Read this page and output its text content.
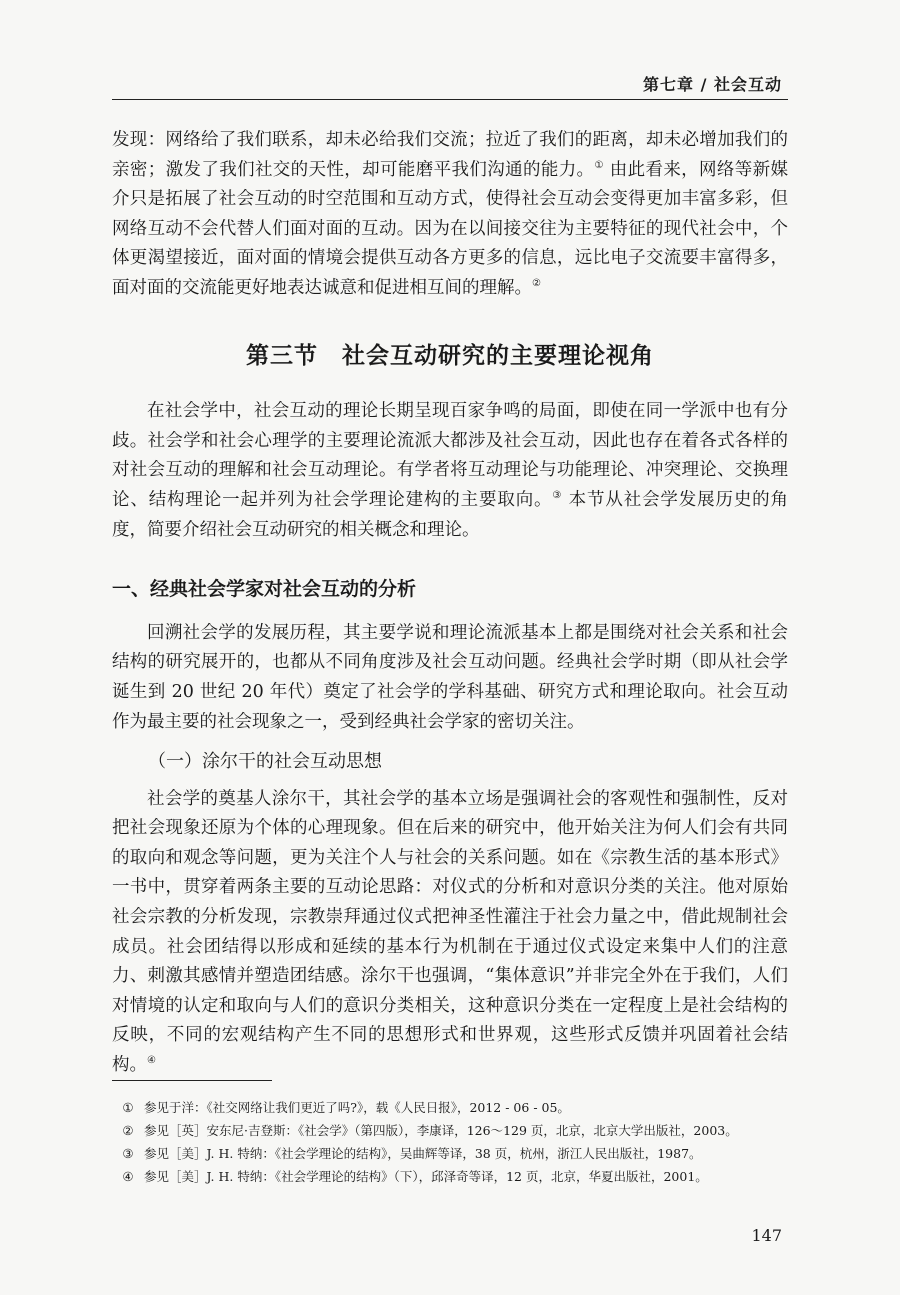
第七章 / 社会互动

发现：网络给了我们联系，却未必给我们交流；拉近了我们的距离，却未必增加我们的亲密；激发了我们社交的天性，却可能磨平我们沟通的能力。① 由此看来，网络等新媒介只是拓展了社会互动的时空范围和互动方式，使得社会互动会变得更加丰富多彩，但网络互动不会代替人们面对面的互动。因为在以间接交往为主要特征的现代社会中，个体更渴望接近，面对面的情境会提供互动各方更多的信息，远比电子交流要丰富得多，面对面的交流能更好地表达诚意和促进相互间的理解。②

第三节　社会互动研究的主要理论视角

在社会学中，社会互动的理论长期呈现百家争鸣的局面，即使在同一学派中也有分歧。社会学和社会心理学的主要理论流派大都涉及社会互动，因此也存在着各式各样的对社会互动的理解和社会互动理论。有学者将互动理论与功能理论、冲突理论、交换理论、结构理论一起并列为社会学理论建构的主要取向。③ 本节从社会学发展历史的角度，简要介绍社会互动研究的相关概念和理论。

一、经典社会学家对社会互动的分析

回溯社会学的发展历程，其主要学说和理论流派基本上都是围绕对社会关系和社会结构的研究展开的，也都从不同角度涉及社会互动问题。经典社会学时期（即从社会学诞生到 20 世纪 20 年代）奠定了社会学的学科基础、研究方式和理论取向。社会互动作为最主要的社会现象之一，受到经典社会学家的密切关注。

（一）涂尔干的社会互动思想

社会学的奠基人涂尔干，其社会学的基本立场是强调社会的客观性和强制性，反对把社会现象还原为个体的心理现象。但在后来的研究中，他开始关注为何人们会有共同的取向和观念等问题，更为关注个人与社会的关系问题。如在《宗教生活的基本形式》一书中，贯穿着两条主要的互动论思路：对仪式的分析和对意识分类的关注。他对原始社会宗教的分析发现，宗教崇拜通过仪式把神圣性灌注于社会力量之中，借此规制社会成员。社会团结得以形成和延续的基本行为机制在于通过仪式设定来集中人们的注意力、刺激其感情并塑造团结感。涂尔干也强调，“集体意识”并非完全外在于我们，人们对情境的认定和取向与人们的意识分类相关，这种意识分类在一定程度上是社会结构的反映，不同的宏观结构产生不同的思想形式和世界观，这些形式反馈并巩固着社会结构。④

① 参见于洋：《社交网络让我们更近了吗?》，载《人民日报》，2012 - 06 - 05。
② 参见［英］安东尼·吉登斯：《社会学》（第四版），李康译，126～129 页，北京，北京大学出版社，2003。
③ 参见［美］J. H. 特纳：《社会学理论的结构》，吴曲辉等译，38 页，杭州，浙江人民出版社，1987。
④ 参见［美］J. H. 特纳：《社会学理论的结构》（下），邱泽奇等译，12 页，北京，华夏出版社，2001。
147
